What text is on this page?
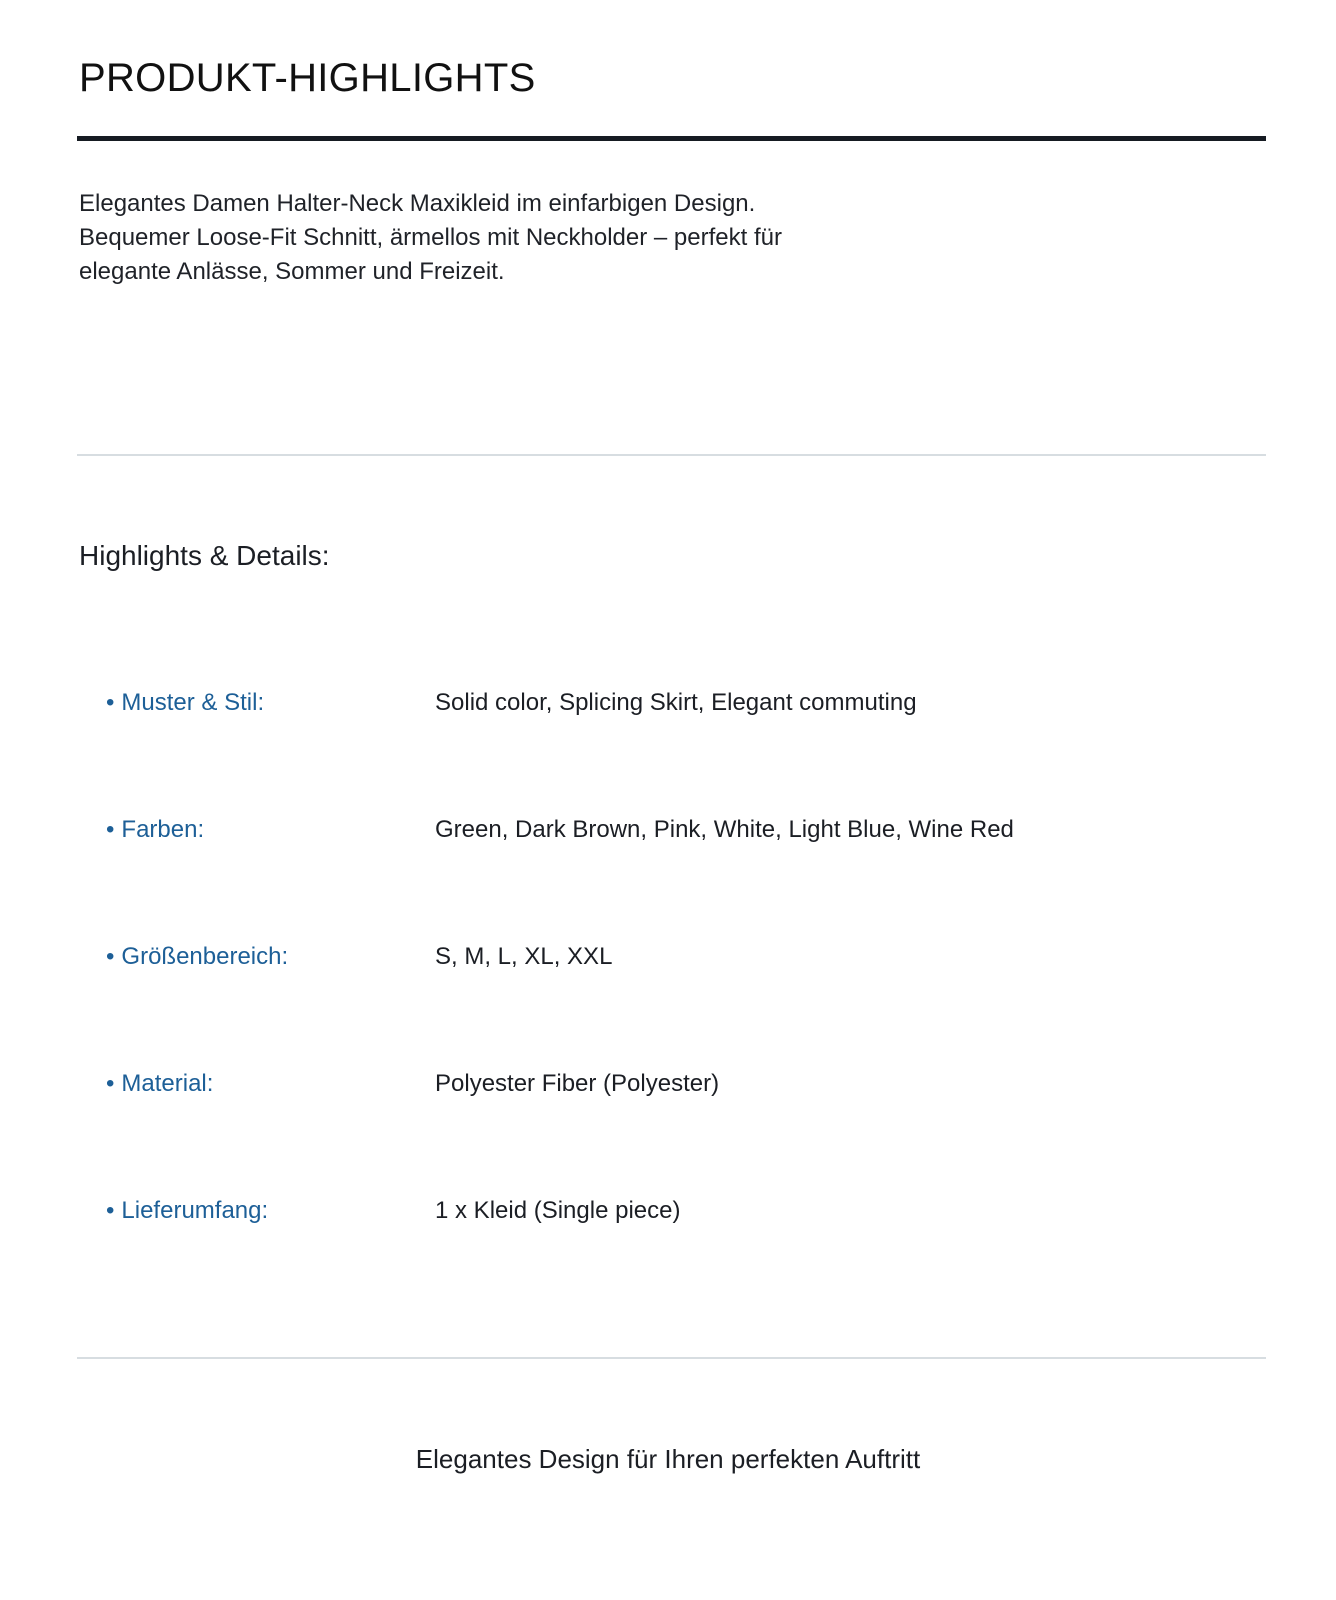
PRODUKT-HIGHLIGHTS

Elegantes Damen Halter-Neck Maxikleid im einfarbigen Design.
Bequemer Loose-Fit Schnitt, ärmellos mit Neckholder – perfekt für
elegante Anlässe, Sommer und Freizeit.

Highlights & Details:
• Muster & Stil:	Solid color, Splicing Skirt, Elegant commuting
• Farben:	Green, Dark Brown, Pink, White, Light Blue, Wine Red
• Größenbereich:	S, M, L, XL, XXL
• Material:	Polyester Fiber (Polyester)
• Lieferumfang:	1 x Kleid (Single piece)

Elegantes Design für Ihren perfekten Auftritt
